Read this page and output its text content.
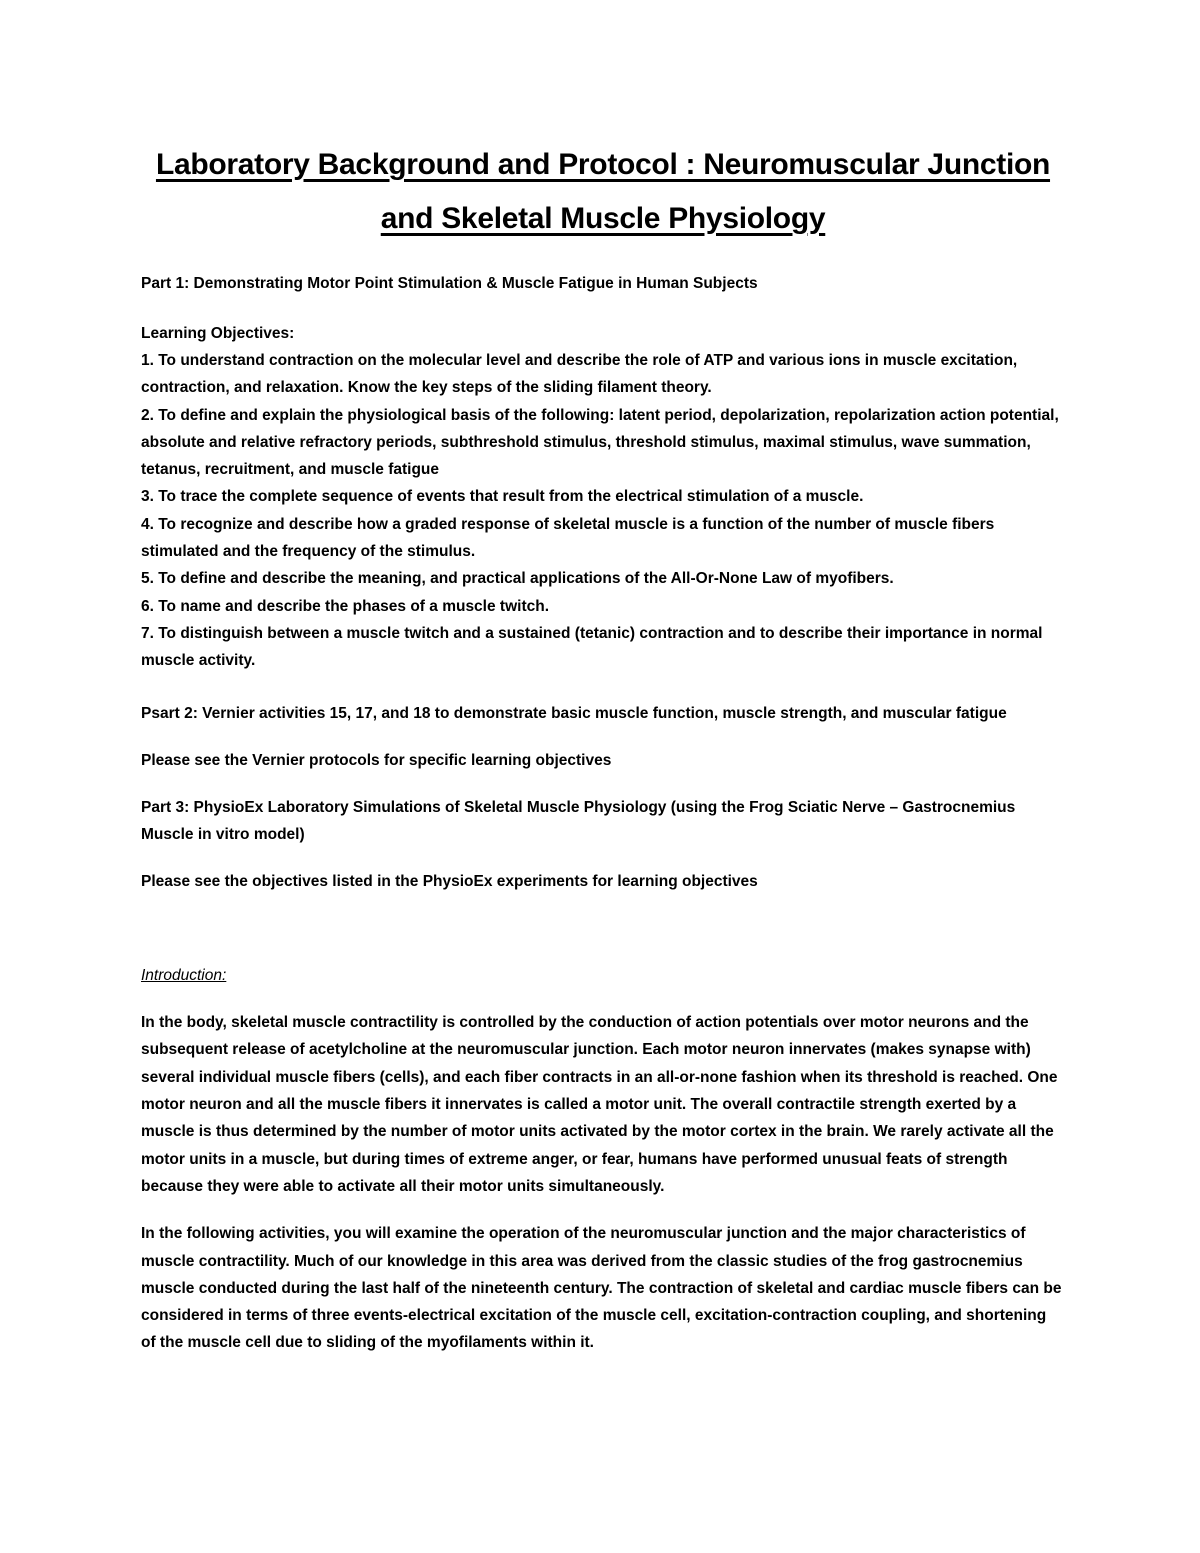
Laboratory Background and Protocol : Neuromuscular Junction
and Skeletal Muscle Physiology

Part 1: Demonstrating Motor Point Stimulation & Muscle Fatigue in Human Subjects

Learning Objectives:

1. To understand contraction on the molecular level and describe the role of ATP and various ions in muscle excitation, contraction, and relaxation. Know the key steps of the sliding filament theory.
2. To define and explain the physiological basis of the following: latent period, depolarization, repolarization action potential, absolute and relative refractory periods, subthreshold stimulus, threshold stimulus, maximal stimulus, wave summation, tetanus, recruitment, and muscle fatigue
3. To trace the complete sequence of events that result from the electrical stimulation of a muscle.
4. To recognize and describe how a graded response of skeletal muscle is a function of the number of muscle fibers stimulated and the frequency of the stimulus.
5. To define and describe the meaning, and practical applications of the All-Or-None Law of myofibers.
6. To name and describe the phases of a muscle twitch.
7. To distinguish between a muscle twitch and a sustained (tetanic) contraction and to describe their importance in normal muscle activity.

Psart 2: Vernier activities 15, 17, and 18 to demonstrate basic muscle function, muscle strength, and muscular fatigue

Please see the Vernier protocols for specific learning objectives

Part 3: PhysioEx Laboratory Simulations of Skeletal Muscle Physiology (using the Frog Sciatic Nerve – Gastrocnemius Muscle in vitro model)

Please see the objectives listed in the PhysioEx experiments for learning objectives

Introduction:

In the body, skeletal muscle contractility is controlled by the conduction of action potentials over motor neurons and the subsequent release of acetylcholine at the neuromuscular junction. Each motor neuron innervates (makes synapse with) several individual muscle fibers (cells), and each fiber contracts in an all-or-none fashion when its threshold is reached. One motor neuron and all the muscle fibers it innervates is called a motor unit. The overall contractile strength exerted by a muscle is thus determined by the number of motor units activated by the motor cortex in the brain. We rarely activate all the motor units in a muscle, but during times of extreme anger, or fear, humans have performed unusual feats of strength because they were able to activate all their motor units simultaneously.

In the following activities, you will examine the operation of the neuromuscular junction and the major characteristics of muscle contractility. Much of our knowledge in this area was derived from the classic studies of the frog gastrocnemius muscle conducted during the last half of the nineteenth century. The contraction of skeletal and cardiac muscle fibers can be considered in terms of three events-electrical excitation of the muscle cell, excitation-contraction coupling, and shortening of the muscle cell due to sliding of the myofilaments within it.
